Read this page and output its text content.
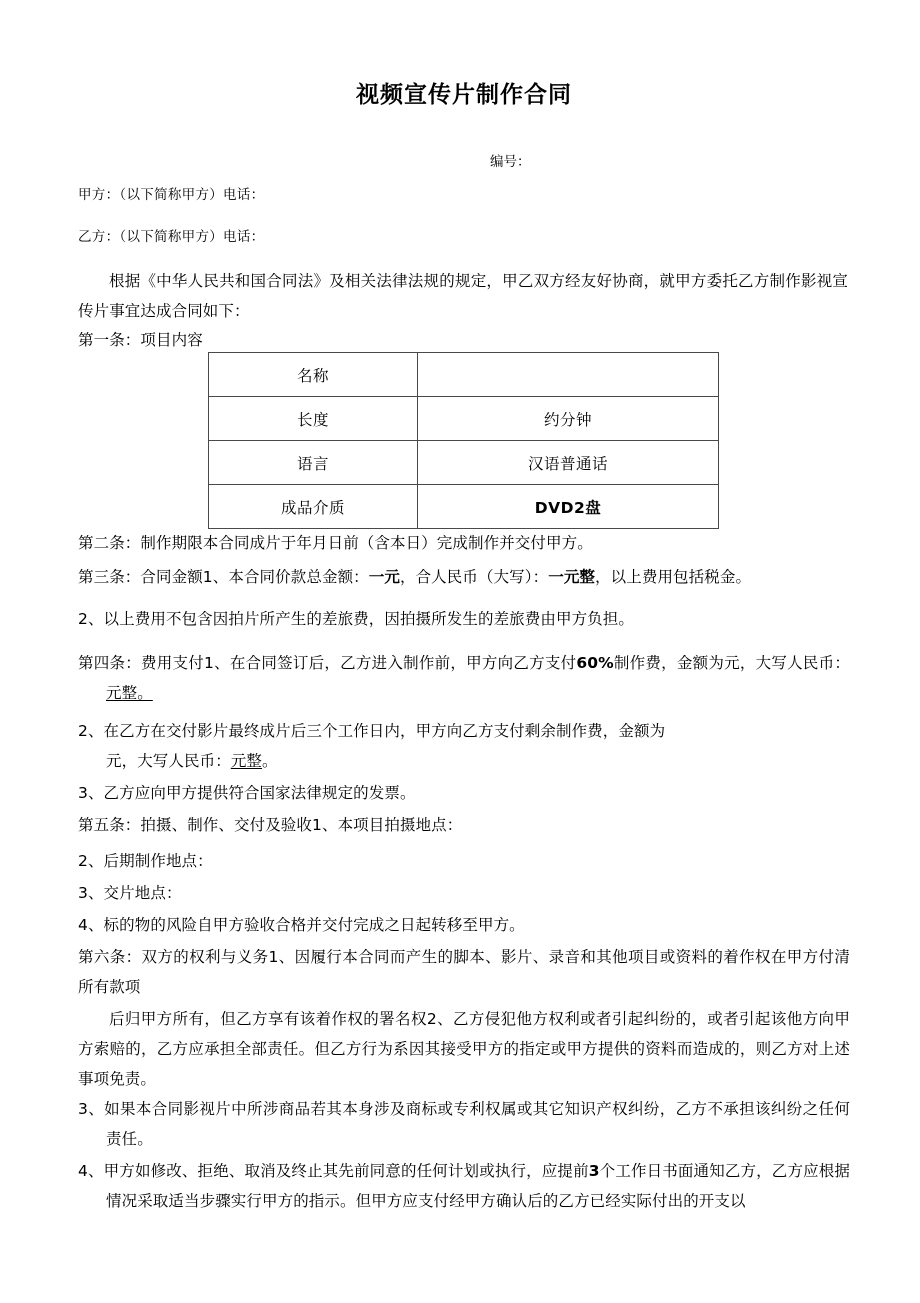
视频宣传片制作合同
编号：
甲方：（以下简称甲方）电话：
乙方：（以下简称甲方）电话：
根据《中华人民共和国合同法》及相关法律法规的规定，甲乙双方经友好协商，就甲方委托乙方制作影视宣传片事宜达成合同如下：
第一条：项目内容
名称	
长度	约分钟
语言	汉语普通话
成品介质	DVD2盘
第二条：制作期限本合同成片于年月日前（含本日）完成制作并交付甲方。
第三条：合同金额1、本合同价款总金额：一元，合人民币（大写）：一元整，以上费用包括税金。
2、以上费用不包含因拍片所产生的差旅费，因拍摄所发生的差旅费由甲方负担。
第四条：费用支付1、在合同签订后，乙方进入制作前，甲方向乙方支付60%制作费，金额为元，大写人民币：元整。
2、在乙方在交付影片最终成片后三个工作日内，甲方向乙方支付剩余制作费，金额为
元，大写人民币：元整。
3、乙方应向甲方提供符合国家法律规定的发票。
第五条：拍摄、制作、交付及验收1、本项目拍摄地点：
2、后期制作地点：
3、交片地点：
4、标的物的风险自甲方验收合格并交付完成之日起转移至甲方。
第六条：双方的权利与义务1、因履行本合同而产生的脚本、影片、录音和其他项目或资料的着作权在甲方付清所有款项
后归甲方所有，但乙方享有该着作权的署名权2、乙方侵犯他方权利或者引起纠纷的，或者引起该他方向甲方索赔的，乙方应承担全部责任。但乙方行为系因其接受甲方的指定或甲方提供的资料而造成的，则乙方对上述事项免责。
3、如果本合同影视片中所涉商品若其本身涉及商标或专利权属或其它知识产权纠纷，乙方不承担该纠纷之任何责任。
4、甲方如修改、拒绝、取消及终止其先前同意的任何计划或执行，应提前3个工作日书面通知乙方，乙方应根据情况采取适当步骤实行甲方的指示。但甲方应支付经甲方确认后的乙方已经实际付出的开支以
